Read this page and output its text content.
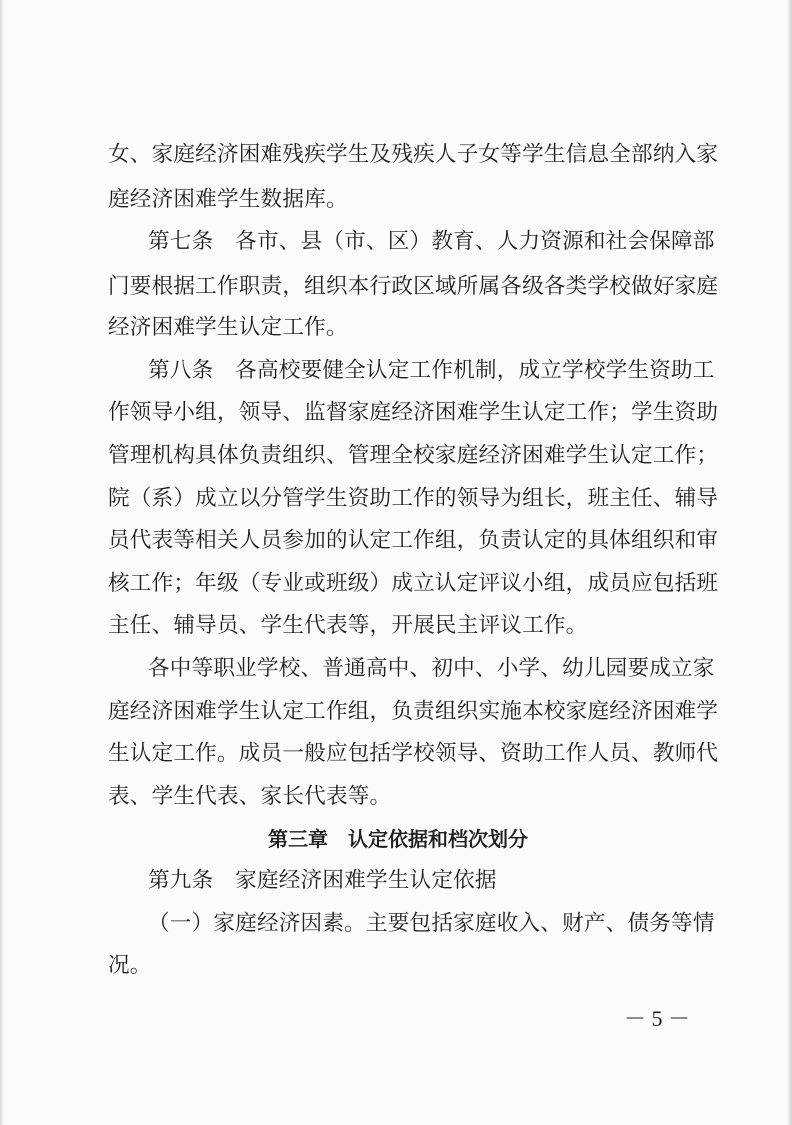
女、家庭经济困难残疾学生及残疾人子女等学生信息全部纳入家
庭经济困难学生数据库。
第七条　各市、县（市、区）教育、人力资源和社会保障部
门要根据工作职责，组织本行政区域所属各级各类学校做好家庭
经济困难学生认定工作。
第八条　各高校要健全认定工作机制，成立学校学生资助工
作领导小组，领导、监督家庭经济困难学生认定工作；学生资助
管理机构具体负责组织、管理全校家庭经济困难学生认定工作；
院（系）成立以分管学生资助工作的领导为组长，班主任、辅导
员代表等相关人员参加的认定工作组，负责认定的具体组织和审
核工作；年级（专业或班级）成立认定评议小组，成员应包括班
主任、辅导员、学生代表等，开展民主评议工作。
各中等职业学校、普通高中、初中、小学、幼儿园要成立家
庭经济困难学生认定工作组，负责组织实施本校家庭经济困难学
生认定工作。成员一般应包括学校领导、资助工作人员、教师代
表、学生代表、家长代表等。
第三章　认定依据和档次划分
第九条　家庭经济困难学生认定依据
（一）家庭经济因素。主要包括家庭收入、财产、债务等情
况。
－ 5 －
